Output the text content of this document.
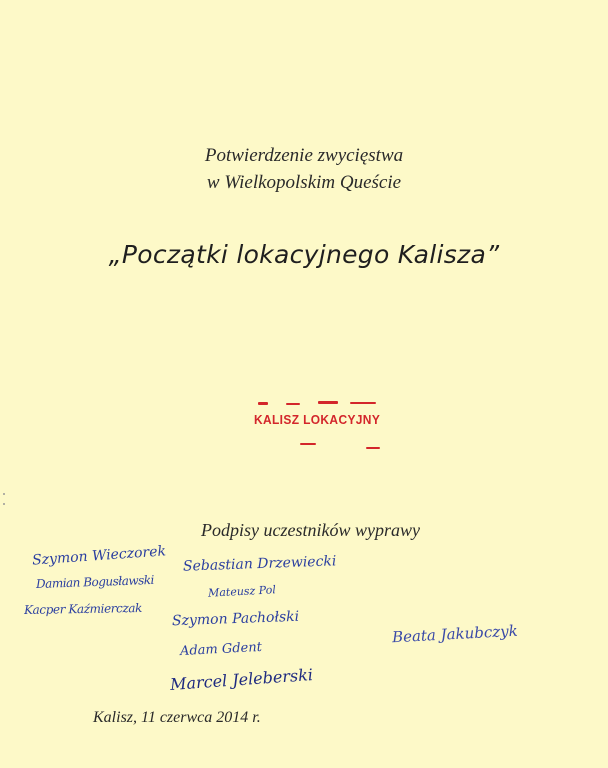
Potwierdzenie zwycięstwa
w Wielkopolskim Queście
„Początki lokacyjnego Kalisza”
KALISZ LOKACYJNY
Podpisy uczestników wyprawy
Szymon Wieczorek
Damian Bogusławski
Kacper Kaźmierczak
Sebastian Drzewiecki
Mateusz Pol
Szymon Pachołski
Adam Gdent
Marcel Jeleberski
Beata Jakubczyk
Kalisz, 11 czerwca 2014 r.
